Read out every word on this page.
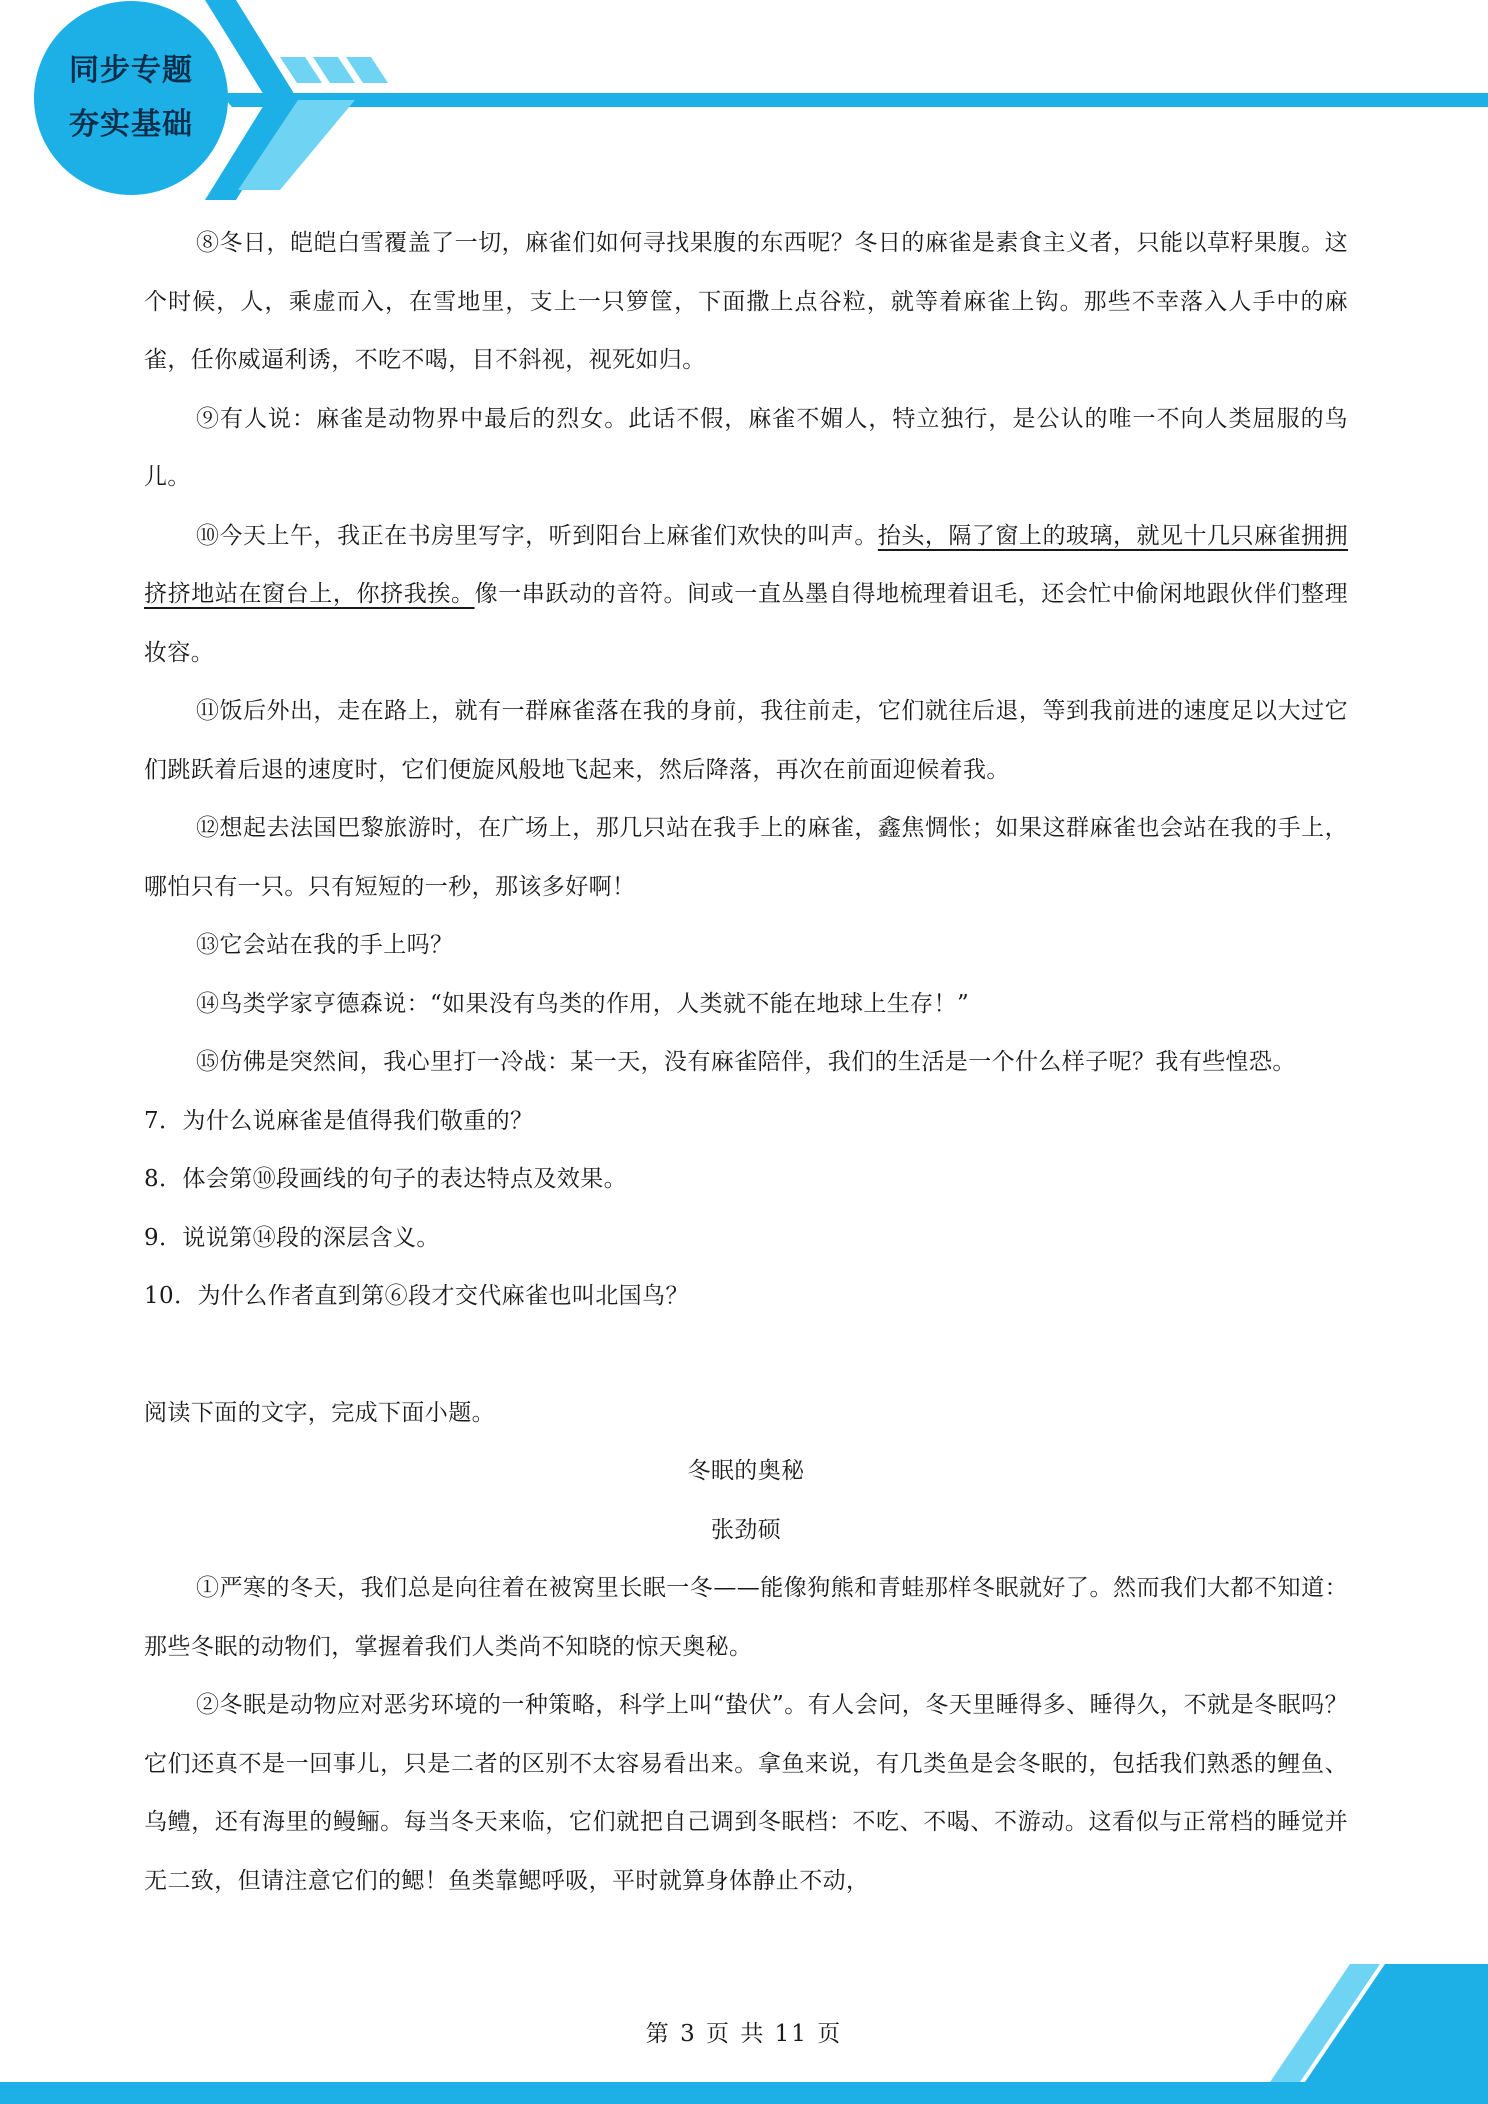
同步专题
夯实基础

⑧冬日，皑皑白雪覆盖了一切，麻雀们如何寻找果腹的东西呢？冬日的麻雀是素食主义者，只能以草籽果腹。这个时候，人，乘虚而入，在雪地里，支上一只箩筐，下面撒上点谷粒，就等着麻雀上钩。那些不幸落入人手中的麻雀，任你威逼利诱，不吃不喝，目不斜视，视死如归。

⑨有人说：麻雀是动物界中最后的烈女。此话不假，麻雀不媚人，特立独行，是公认的唯一不向人类屈服的鸟儿。

⑩今天上午，我正在书房里写字，听到阳台上麻雀们欢快的叫声。抬头，隔了窗上的玻璃，就见十几只麻雀拥拥挤挤地站在窗台上，你挤我挨。像一串跃动的音符。间或一直丛墨自得地梳理着诅毛，还会忙中偷闲地跟伙伴们整理妆容。

⑪饭后外出，走在路上，就有一群麻雀落在我的身前，我往前走，它们就往后退，等到我前进的速度足以大过它们跳跃着后退的速度时，它们便旋风般地飞起来，然后降落，再次在前面迎候着我。

⑫想起去法国巴黎旅游时，在广场上，那几只站在我手上的麻雀，鑫焦惆怅；如果这群麻雀也会站在我的手上，哪怕只有一只。只有短短的一秒，那该多好啊！

⑬它会站在我的手上吗？

⑭鸟类学家亨德森说：“如果没有鸟类的作用，人类就不能在地球上生存！”

⑮仿佛是突然间，我心里打一冷战：某一天，没有麻雀陪伴，我们的生活是一个什么样子呢？我有些惶恐。

7．为什么说麻雀是值得我们敬重的？

8．体会第⑩段画线的句子的表达特点及效果。

9．说说第⑭段的深层含义。

10．为什么作者直到第⑥段才交代麻雀也叫北国鸟？

阅读下面的文字，完成下面小题。

冬眠的奥秘

张劲硕

①严寒的冬天，我们总是向往着在被窝里长眠一冬——能像狗熊和青蛙那样冬眠就好了。然而我们大都不知道：那些冬眠的动物们，掌握着我们人类尚不知晓的惊天奥秘。

②冬眠是动物应对恶劣环境的一种策略，科学上叫“蛰伏”。有人会问，冬天里睡得多、睡得久，不就是冬眠吗？它们还真不是一回事儿，只是二者的区别不太容易看出来。拿鱼来说，有几类鱼是会冬眠的，包括我们熟悉的鲤鱼、乌鳢，还有海里的鳗鲡。每当冬天来临，它们就把自己调到冬眠档：不吃、不喝、不游动。这看似与正常档的睡觉并无二致，但请注意它们的鳃！鱼类靠鳃呼吸，平时就算身体静止不动，

第 3 页 共 11 页
